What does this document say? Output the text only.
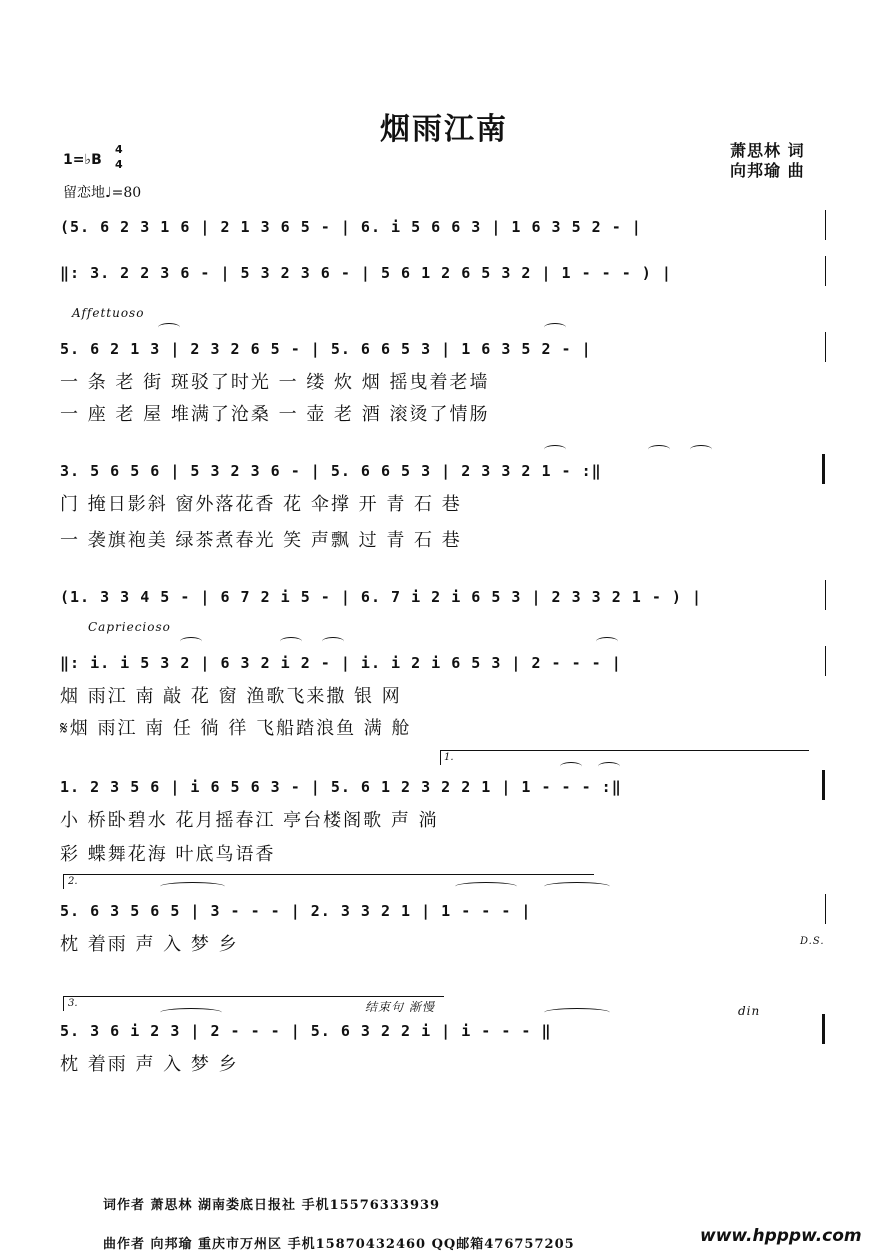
烟雨江南
萧思林 词
向邦瑜 曲
1=♭B
4
4
留恋地♩=80
(5. 6 2 3 1 6 | 2 1 3 6 5 - | 6. i 5 6 6 3 | 1 6 3 5 2 - |
‖: 3. 2 2 3 6 - | 5 3 2 3 6 - | 5 6 1 2 6 5 3 2 | 1 - - - ) |
Affettuoso
5. 6 2 1 3 | 2 3 2 6 5 - | 5. 6 6 5 3 | 1 6 3 5 2 - |
一 条 老 街 斑驳了时光 一 缕 炊 烟 摇曳着老墙
一 座 老 屋 堆满了沧桑 一 壶 老 酒 滚烫了情肠
3. 5 6 5 6 | 5 3 2 3 6 - | 5. 6 6 5 3 | 2 3 3 2 1 - :‖
门 掩日影斜 窗外落花香 花 伞撑 开 青 石 巷
一 袭旗袍美 绿茶煮春光 笑 声飘 过 青 石 巷
(1. 3 3 4 5 - | 6 7 2 i 5 - | 6. 7 i 2 i 6 5 3 | 2 3 3 2 1 - ) |
Capriecioso
‖: i. i 5 3 2 | 6 3 2 i 2 - | i. i 2 i 6 5 3 | 2 - - - |
烟 雨江 南 敲 花 窗 渔歌飞来撒 银 网
𝄋烟 雨江 南 任 徜 徉 飞船踏浪鱼 满 舱
1.
1. 2 3 5 6 | i 6 5 6 3 - | 5. 6 1 2 3 2 2 1 | 1 - - - :‖
小 桥卧碧水 花月摇春江 亭台楼阁歌 声 淌
彩 蝶舞花海 叶底鸟语香
2.
5. 6 3 5 6 5 | 3 - - - | 2. 3 3 2 1 | 1 - - - |
枕 着雨 声 入 梦 乡	D.S.
3.	结束句 渐慢	din
5. 3 6 i 2 3 | 2 - - - | 5. 6 3 2 2 i | i - - - ‖
枕 着雨 声 入 梦 乡
词作者 萧思林 湖南娄底日报社 手机15576333939
曲作者 向邦瑜 重庆市万州区 手机15870432460 QQ邮箱476757205	www.hpppw.com
